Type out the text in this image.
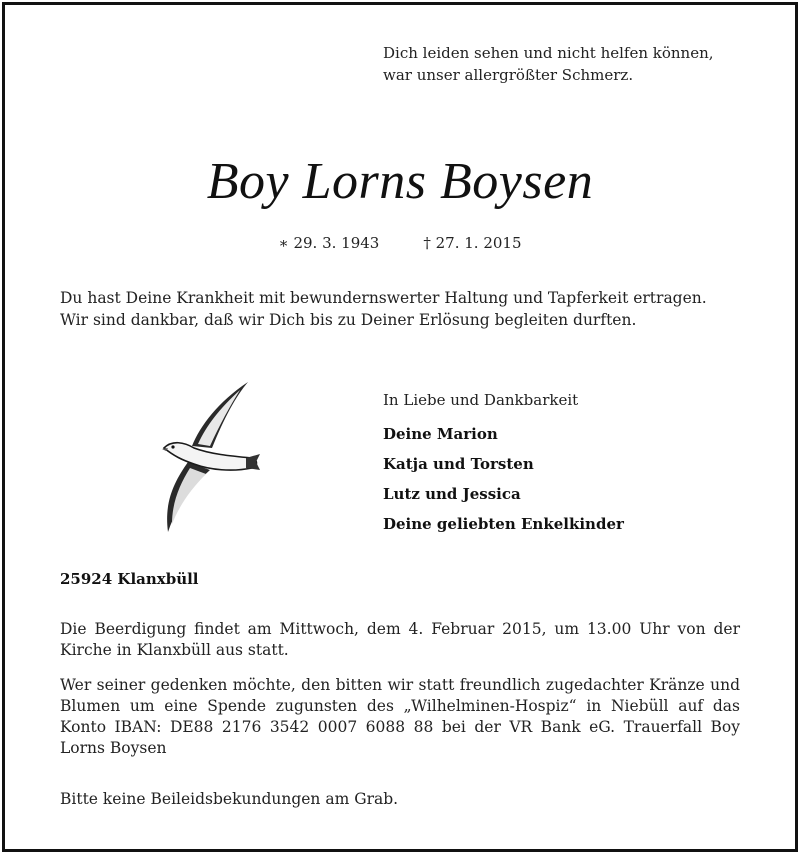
Dich leiden sehen und nicht helfen können,
war unser allergrößter Schmerz.
Boy Lorns Boysen
∗ 29. 3. 1943	† 27. 1. 2015
Du hast Deine Krankheit mit bewundernswerter Haltung und Tapferkeit ertragen.
Wir sind dankbar, daß wir Dich bis zu Deiner Erlösung begleiten durften.
In Liebe und Dankbarkeit
Deine Marion
Katja und Torsten
Lutz und Jessica
Deine geliebten Enkelkinder
25924 Klanxbüll
Die Beerdigung findet am Mittwoch, dem 4. Februar 2015, um 13.00 Uhr von der Kirche in Klanxbüll aus statt.
Wer seiner gedenken möchte, den bitten wir statt freundlich zugedachter Kränze und Blumen um eine Spende zugunsten des „Wilhelminen-Hospiz“ in Niebüll auf das Konto IBAN: DE88 2176 3542 0007 6088 88 bei der VR Bank eG. Trauerfall Boy Lorns Boysen
Bitte keine Beileidsbekundungen am Grab.
